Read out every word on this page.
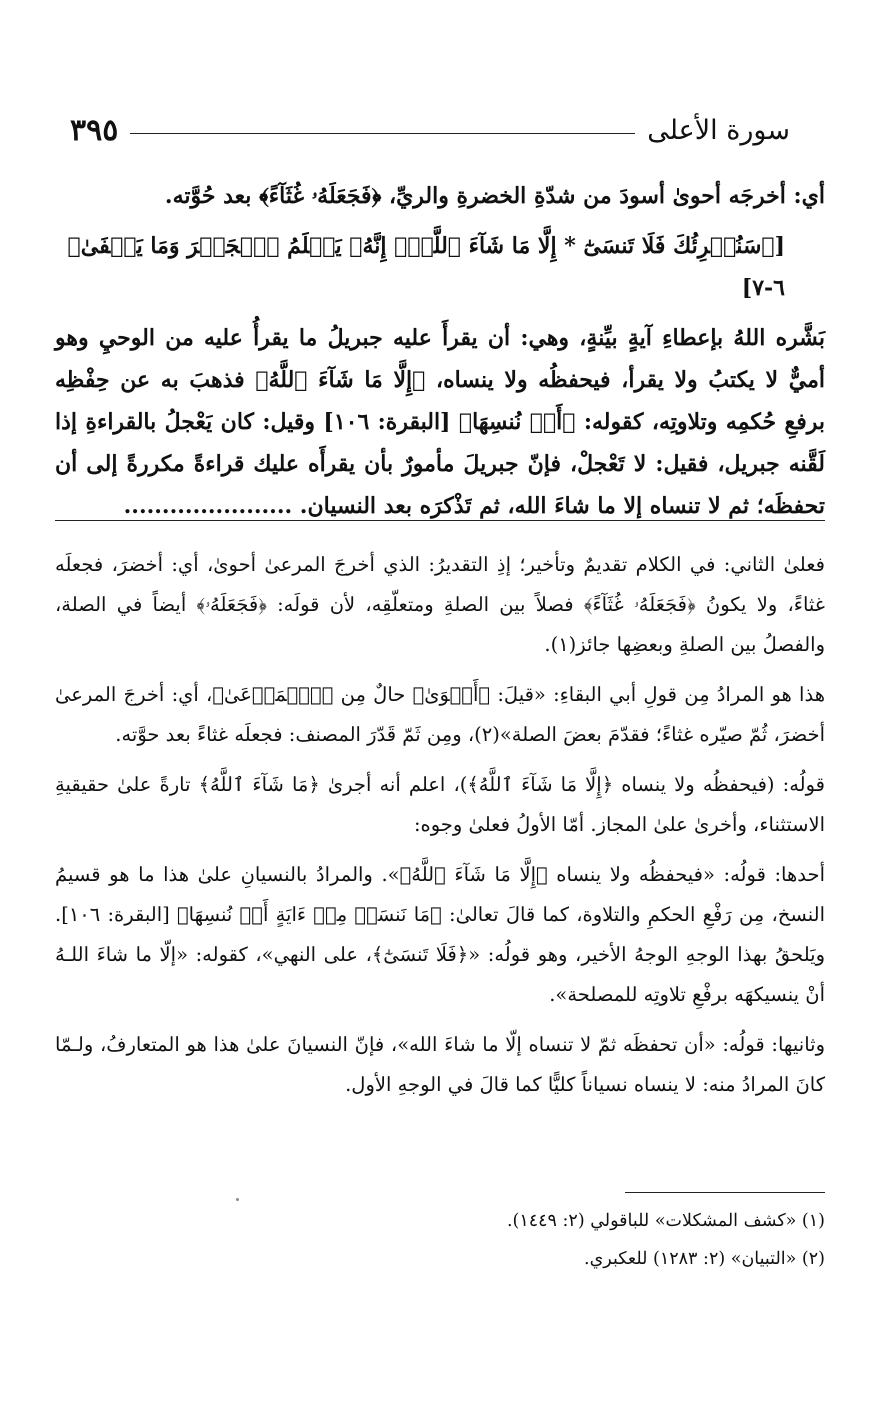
سورة الأعلى
٣٩٥

أي: أخرجَه أحوىٰ أسودَ من شدّةِ الخضرةِ والريِّ، ﴿فَجَعَلَهُۥ غُثَآءً﴾ بعد حُوَّته.

[﴿سَنُقۡرِئُكَ فَلَا تَنسَىٰٓ * إِلَّا مَا شَآءَ ٱللَّهُۚ إِنَّهُۥ يَعۡلَمُ ٱلۡجَهۡرَ وَمَا يَخۡفَىٰ﴾ ٦-٧]

بَشَّره اللهُ بإعطاءِ آيةٍ بيِّنةٍ، وهي: أن يقرأَ عليه جبريلُ ما يقرأُ عليه من الوحيِ وهو أميٌّ لا يكتبُ ولا يقرأ، فيحفظُه ولا ينساه، ﴿إِلَّا مَا شَآءَ ٱللَّهُ﴾ فذهبَ به عن حِفْظِه برفعِ حُكمِه وتلاوتِه، كقوله: ﴿أَوۡ نُنسِهَا﴾ [البقرة: ١٠٦] وقيل: كان يَعْجلُ بالقراءةِ إذا لَقَّنه جبريل، فقيل: لا تَعْجلْ، فإنّ جبريلَ مأمورٌ بأن يقرأَه عليك قراءةً مكررةً إلى أن تحفظَه؛ ثم لا تنساه إلا ما شاءَ الله، ثم تَذْكرَه بعد النسيان. ......................

فعلىٰ الثاني: في الكلام تقديمٌ وتأخير؛ إذِ التقديرُ: الذي أخرجَ المرعىٰ أحوىٰ، أي: أخضرَ، فجعلَه غثاءً، ولا يكونُ ﴿فَجَعَلَهُۥ غُثَآءً﴾ فصلاً بين الصلةِ ومتعلّقِه، لأن قولَه: ﴿فَجَعَلَهُۥ﴾ أيضاً في الصلة، والفصلُ بين الصلةِ وبعضِها جائز(١).

هذا هو المرادُ مِن قولِ أبي البقاءِ: «قيلَ: ﴿أَحۡوَىٰ﴾ حالٌ مِن ﴿ٱلۡمَرۡعَىٰ﴾، أي: أخرجَ المرعىٰ أخضرَ، ثُمّ صيّره غثاءً؛ فقدّمَ بعضَ الصلة»(٢)، ومِن ثَمّ قَدّرَ المصنف: فجعلَه غثاءً بعد حوَّته.

قولُه: (فيحفظُه ولا ينساه ﴿إِلَّا مَا شَآءَ ٱللَّهُ﴾)، اعلم أنه أجرىٰ ﴿مَا شَآءَ ٱللَّهُ﴾ تارةً علىٰ حقيقيةِ الاستثناء، وأخرىٰ علىٰ المجاز. أمّا الأولُ فعلىٰ وجوه:

أحدها: قولُه: «فيحفظُه ولا ينساه ﴿إِلَّا مَا شَآءَ ٱللَّهُ﴾». والمرادُ بالنسيانِ علىٰ هذا ما هو قسيمُ النسخ، مِن رَفْعِ الحكمِ والتلاوة، كما قالَ تعالىٰ: ﴿مَا نَنسَخۡ مِنۡ ءَايَةٍ أَوۡ نُنسِهَا﴾ [البقرة: ١٠٦]. ويَلحقُ بهذا الوجهِ الوجهُ الأخير، وهو قولُه: «﴿فَلَا تَنسَىٰٓ﴾، على النهي»، كقوله: «إلّا ما شاءَ اللـهُ أنْ ينسيكهَه برفْعِ تلاوتِه للمصلحة».

وثانيها: قولُه: «أن تحفظَه ثمّ لا تنساه إلّا ما شاءَ الله»، فإنّ النسيانَ علىٰ هذا هو المتعارفُ، ولـمّا كانَ المرادُ منه: لا ينساه نسياناً كليًّا كما قالَ في الوجهِ الأول.

(١) «كشف المشكلات» للباقولي (٢: ١٤٤٩).

(٢) «التبيان» (٢: ١٢٨٣) للعكبري.
